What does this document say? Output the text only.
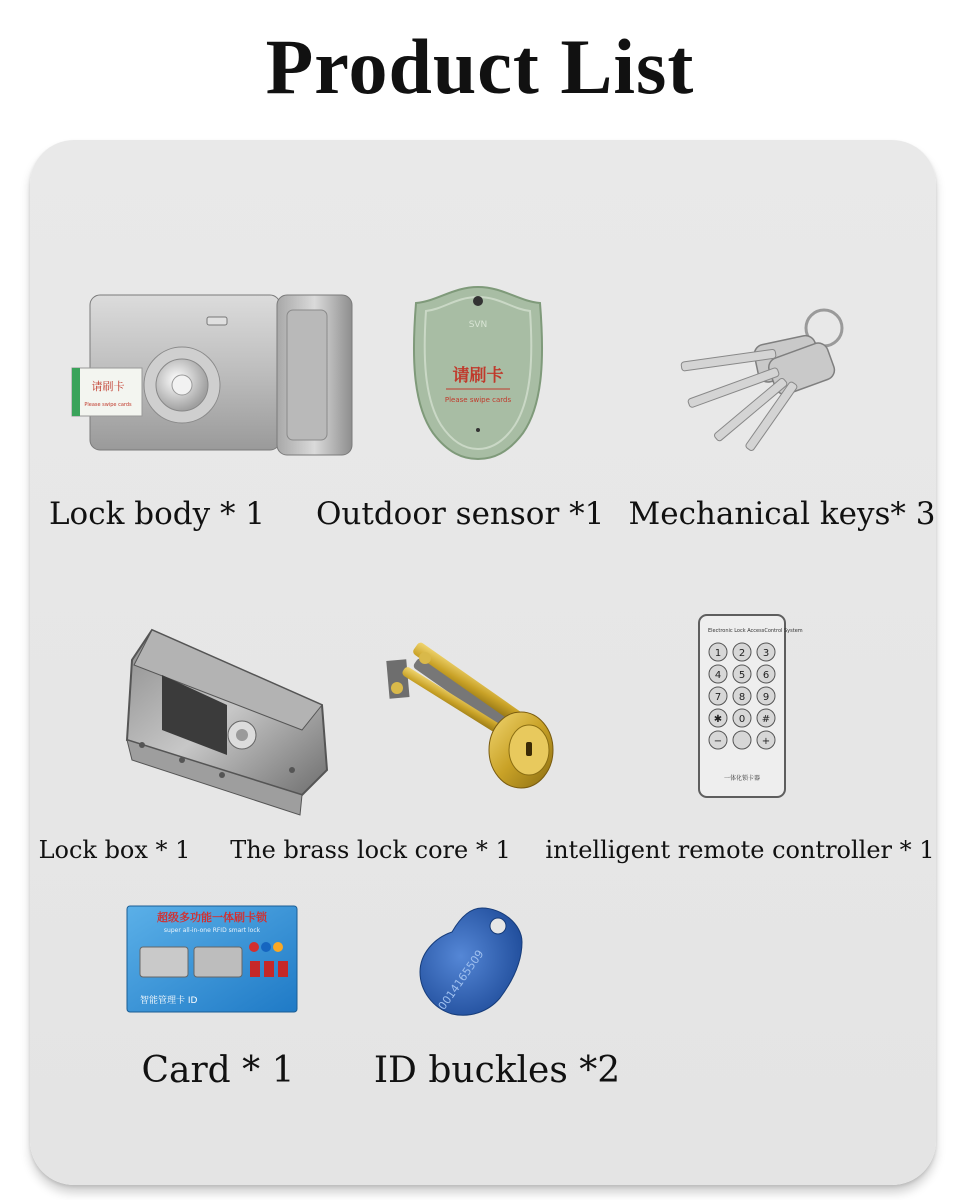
Product List
请刷卡
Please swipe cards
Lock body * 1
SVN
请刷卡
Please swipe cards
Outdoor sensor *1 Mechanical keys* 3
Lock box * 1 The brass lock core * 1
Electronic Lock AccessControl System
1 2 3
4 5 6
7 8 9
✱ 0 #
−	+
一体化锁卡器
intelligent remote controller * 1
超级多功能一体刷卡锁
super all-in-one RFID smart lock
智能管理卡 ID
Card * 1
0014165509
ID buckles *2
